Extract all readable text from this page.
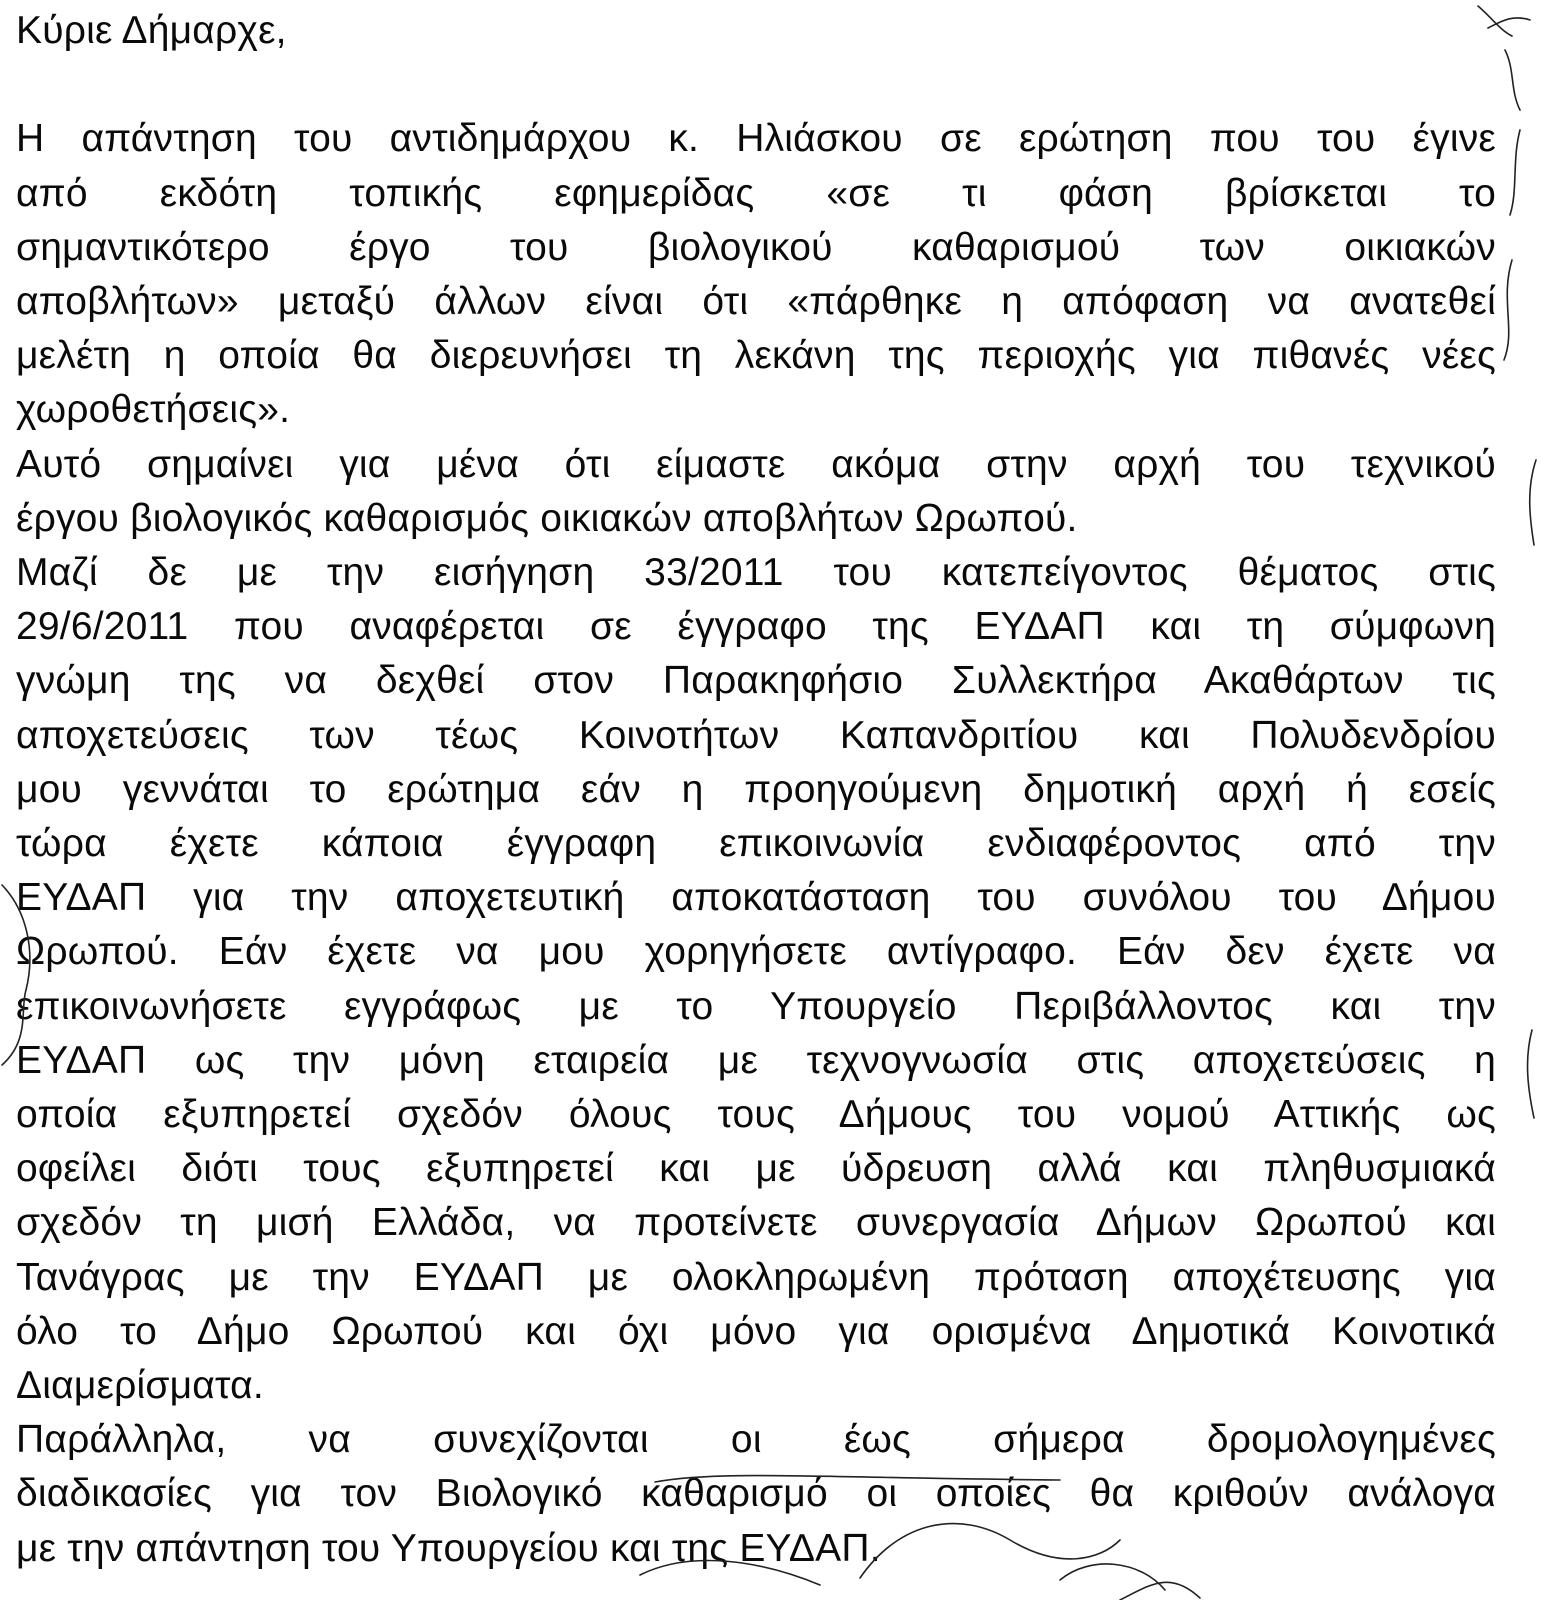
Κύριε Δήμαρχε,
Η απάντηση του αντιδημάρχου κ. Ηλιάσκου σε ερώτηση που του έγινε
από εκδότη τοπικής εφημερίδας «σε τι φάση βρίσκεται το
σημαντικότερο έργο του βιολογικού καθαρισμού των οικιακών
αποβλήτων» μεταξύ άλλων είναι ότι «πάρθηκε η απόφαση να ανατεθεί
μελέτη η οποία θα διερευνήσει τη λεκάνη της περιοχής για πιθανές νέες
χωροθετήσεις».
Αυτό σημαίνει για μένα ότι είμαστε ακόμα στην αρχή του τεχνικού
έργου βιολογικός καθαρισμός οικιακών αποβλήτων Ωρωπού.
Μαζί δε με την εισήγηση 33/2011 του κατεπείγοντος θέματος στις
29/6/2011 που αναφέρεται σε έγγραφο της ΕΥΔΑΠ και τη σύμφωνη
γνώμη της να δεχθεί στον Παρακηφήσιο Συλλεκτήρα Ακαθάρτων τις
αποχετεύσεις των τέως Κοινοτήτων Καπανδριτίου και Πολυδενδρίου
μου γεννάται το ερώτημα εάν η προηγούμενη δημοτική αρχή ή εσείς
τώρα έχετε κάποια έγγραφη επικοινωνία ενδιαφέροντος από την
ΕΥΔΑΠ για την αποχετευτική αποκατάσταση του συνόλου του Δήμου
Ωρωπού. Εάν έχετε να μου χορηγήσετε αντίγραφο. Εάν δεν έχετε να
επικοινωνήσετε εγγράφως με το Υπουργείο Περιβάλλοντος και την
ΕΥΔΑΠ ως την μόνη εταιρεία με τεχνογνωσία στις αποχετεύσεις η
οποία εξυπηρετεί σχεδόν όλους τους Δήμους του νομού Αττικής ως
οφείλει διότι τους εξυπηρετεί και με ύδρευση αλλά και πληθυσμιακά
σχεδόν τη μισή Ελλάδα, να προτείνετε συνεργασία Δήμων Ωρωπού και
Τανάγρας με την ΕΥΔΑΠ με ολοκληρωμένη πρόταση αποχέτευσης για
όλο το Δήμο Ωρωπού και όχι μόνο για ορισμένα Δημοτικά Κοινοτικά
Διαμερίσματα.
Παράλληλα, να συνεχίζονται οι έως σήμερα δρομολογημένες
διαδικασίες για τον Βιολογικό καθαρισμό οι οποίες θα κριθούν ανάλογα
με την απάντηση του Υπουργείου και της ΕΥΔΑΠ.
